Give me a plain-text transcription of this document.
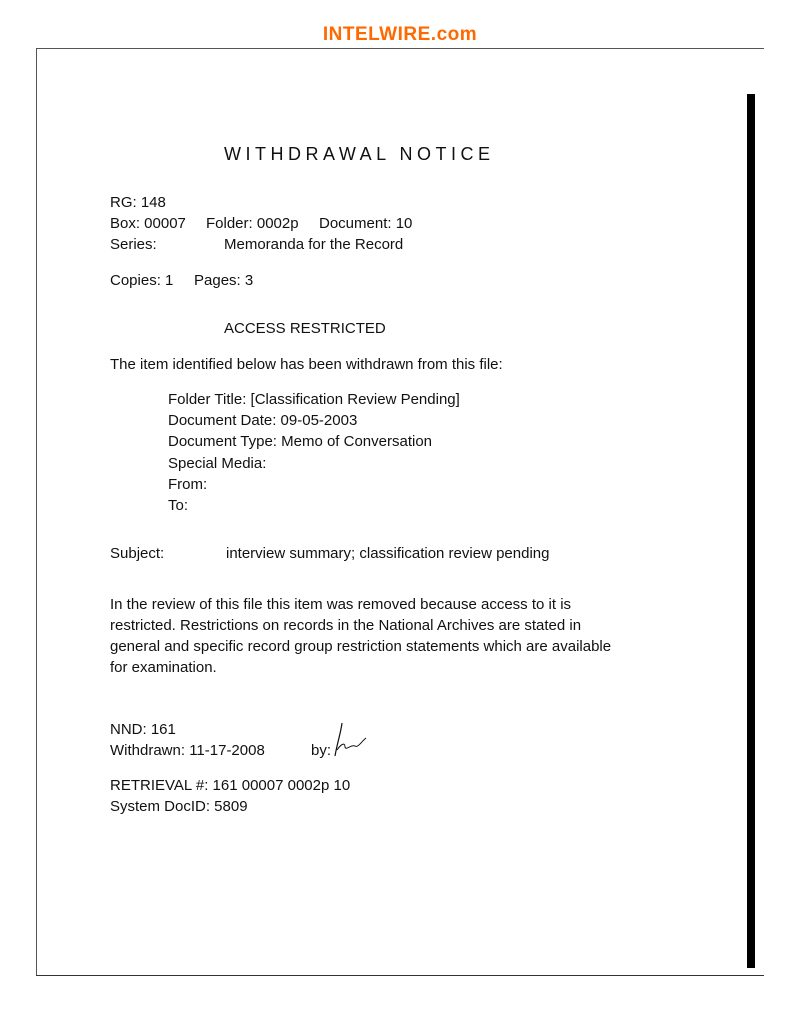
INTELWIRE.com
WITHDRAWAL NOTICE
RG: 148
Box: 00007 Folder: 0002p Document: 10
Series:	Memoranda for the Record
Copies: 1 Pages: 3
ACCESS RESTRICTED
The item identified below has been withdrawn from this file:
Folder Title: [Classification Review Pending]
Document Date: 09-05-2003
Document Type: Memo of Conversation
Special Media:
From:
To:
Subject:	interview summary; classification review pending
In the review of this file this item was removed because access to it is
restricted. Restrictions on records in the National Archives are stated in
general and specific record group restriction statements which are available
for examination.
NND: 161
Withdrawn: 11-17-2008	by:
RETRIEVAL #: 161 00007 0002p 10
System DocID: 5809
